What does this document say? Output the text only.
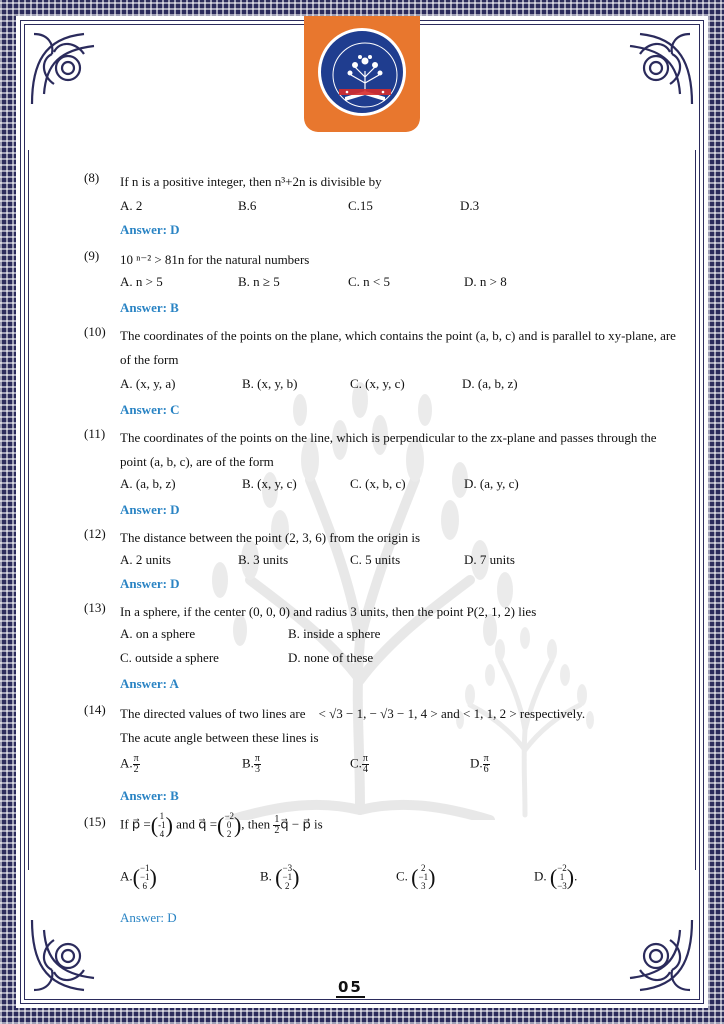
(8) If n is a positive integer, then n³+2n is divisible by
A. 2	B.6	C.15	D.3
Answer: D
(9) 10 ⁿ⁻² > 81n for the natural numbers
A. n > 5	B. n ≥ 5	C. n < 5	D. n > 8
Answer: B
(10) The coordinates of the points on the plane, which contains the point (a, b, c) and is parallel to xy-plane, are of the form
A. (x, y, a)	B. (x, y, b)	C. (x, y, c)	D. (a, b, z)
Answer: C
(11) The coordinates of the points on the line, which is perpendicular to the zx-plane and passes through the point (a, b, c), are of the form
A. (a, b, z)	B. (x, y, c)	C. (x, b, c)	D. (a, y, c)
Answer: D
(12) The distance between the point (2, 3, 6) from the origin is
A. 2 units	B. 3 units	C. 5 units	D. 7 units
Answer: D
(13) In a sphere, if the center (0, 0, 0) and radius 3 units, then the point P(2, 1, 2) lies
A. on a sphere	B. inside a sphere
C. outside a sphere	D. none of these
Answer: A
(14) The directed values of two lines are < √3 − 1, − √3 − 1, 4 > and < 1, 1, 2 > respectively.
The acute angle between these lines is
A. $\frac{\pi}{2}$	B. $\frac{\pi}{3}$	C. $\frac{\pi}{4}$	D. $\frac{\pi}{6}$
Answer: B
(15) If p⃗ =( 1
-1
4 ) and q⃗ =( −2
0
2 ), then $\frac{1}{2}$ q⃗ − p⃗ is
A.( −1
−1
6 )	B. ( −3
−1
2 )	C. ( 2
−1
3 )	D. ( −2
1
−3 ).
Answer: D
05
